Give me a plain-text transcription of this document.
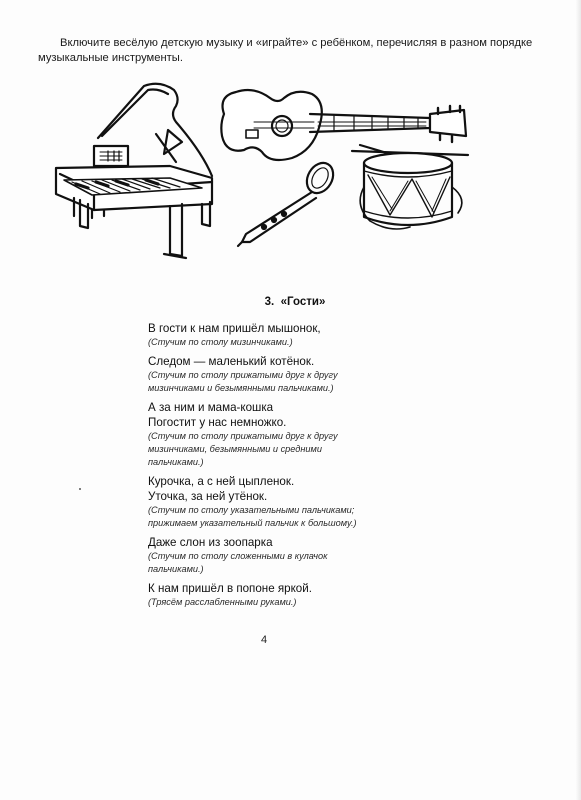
Включите весёлую детскую музыку и «играйте» с ребёнком, перечисляя в разном порядке музыкальные инструменты.

3. «Гости»

В гости к нам пришёл мышонок,
(Стучим по столу мизинчиками.)
Следом — маленький котёнок.
(Стучим по столу прижатыми друг к другу
мизинчиками и безымянными пальчиками.)
А за ним и мама-кошка
Погостит у нас немножко.
(Стучим по столу прижатыми друг к другу
мизинчиками, безымянными и средними
пальчиками.)
Курочка, а с ней цыпленок.
Уточка, за ней утёнок.
(Стучим по столу указательными пальчиками;
прижимаем указательный пальчик к большому.)
Даже слон из зоопарка
(Стучим по столу сложенными в кулачок
пальчиками.)
К нам пришёл в попоне яркой.
(Трясём расслабленными руками.)
4
